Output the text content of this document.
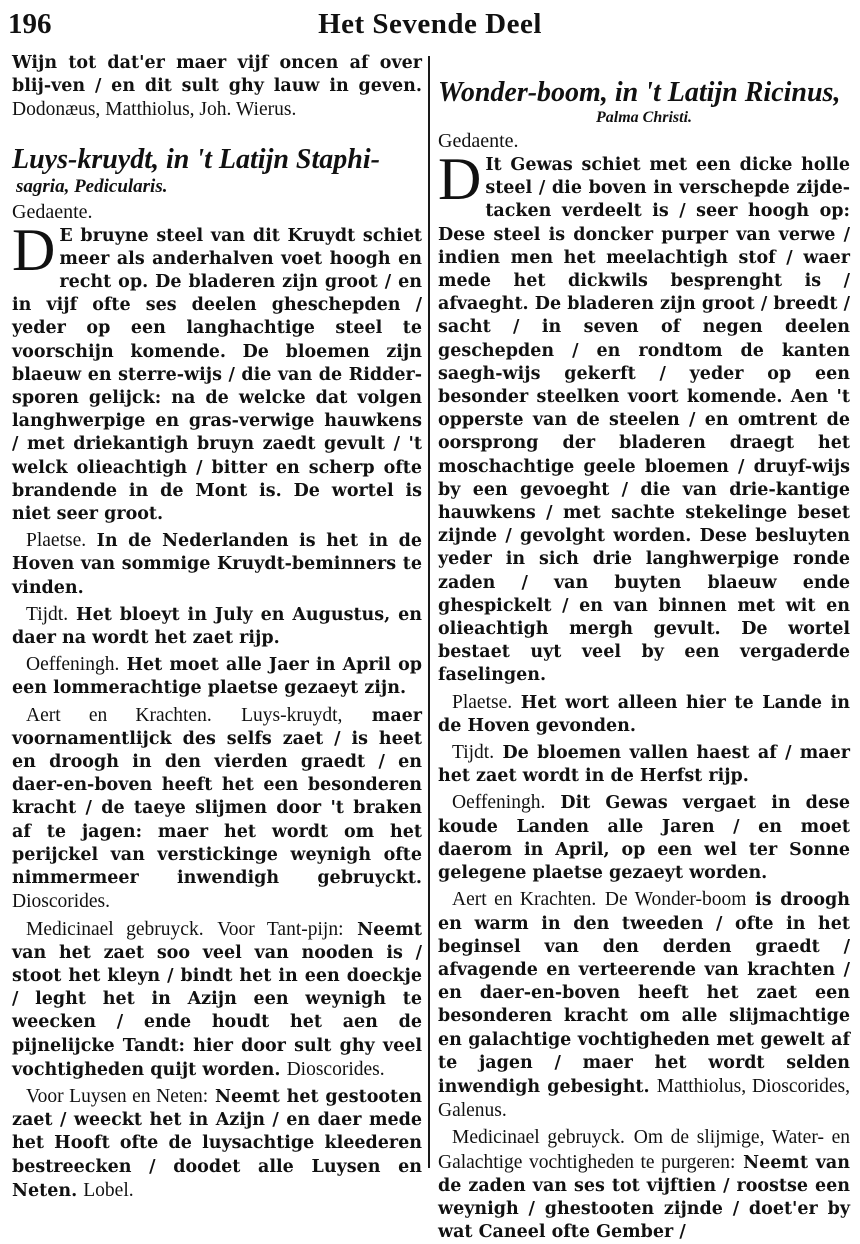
196	Het Sevende Deel

Wijn tot dat'er maer vijf oncen af over blij-ven / en dit sult ghy lauw in geven. Dodonæus, Matthiolus, Joh. Wierus.

Luys-kruydt, in 't Latijn Staphi-

sagria, Pedicularis.

Gedaente.

D E bruyne steel van dit Kruydt schiet meer als anderhalven voet hoogh en recht op. De bladeren zijn groot / en in vijf ofte ses deelen gheschepden / yeder op een langhachtige steel te voorschijn komende. De bloemen zijn blaeuw en sterre-wijs / die van de Ridder-sporen gelijck: na de welcke dat volgen langhwerpige en gras-verwige hauwkens / met driekantigh bruyn zaedt gevult / 't welck olieachtigh / bitter en scherp ofte brandende in de Mont is. De wortel is niet seer groot.

Plaetse. In de Nederlanden is het in de Hoven van sommige Kruydt-beminners te vinden.

Tijdt. Het bloeyt in July en Augustus, en daer na wordt het zaet rijp.

Oeffeningh. Het moet alle Jaer in April op een lommerachtige plaetse gezaeyt zijn.

Aert en Krachten. Luys-kruydt, maer voornamentlijck des selfs zaet / is heet en droogh in den vierden graedt / en daer-en-boven heeft het een besonderen kracht / de taeye slijmen door 't braken af te jagen: maer het wordt om het perijckel van verstickinge weynigh ofte nimmermeer inwendigh gebruyckt. Dioscorides.

Medicinael gebruyck. Voor Tant-pijn: Neemt van het zaet soo veel van nooden is / stoot het kleyn / bindt het in een doeckje / leght het in Azijn een weynigh te weecken / ende houdt het aen de pijnelijcke Tandt: hier door sult ghy veel vochtigheden quijt worden. Dioscorides.

Voor Luysen en Neten: Neemt het gestooten zaet / weeckt het in Azijn / en daer mede het Hooft ofte de luysachtige kleederen bestreecken / doodet alle Luysen en Neten. Lobel.

Wonder-boom, in 't Latijn Ricinus,

Palma Christi.

Gedaente.

D It Gewas schiet met een dicke holle steel / die boven in verschepde zijde-tacken verdeelt is / seer hoogh op: Dese steel is doncker purper van verwe / indien men het meelachtigh stof / waer mede het dickwils besprenght is / afvaeght. De bladeren zijn groot / breedt / sacht / in seven of negen deelen geschepden / en rondtom de kanten saegh-wijs gekerft / yeder op een besonder steelken voort komende. Aen 't opperste van de steelen / en omtrent de oorsprong der bladeren draegt het moschachtige geele bloemen / druyf-wijs by een gevoeght / die van drie-kantige hauwkens / met sachte stekelinge beset zijnde / gevolght worden. Dese besluyten yeder in sich drie langhwerpige ronde zaden / van buyten blaeuw ende ghespickelt / en van binnen met wit en olieachtigh mergh gevult. De wortel bestaet uyt veel by een vergaderde faselingen.

Plaetse. Het wort alleen hier te Lande in de Hoven gevonden.

Tijdt. De bloemen vallen haest af / maer het zaet wordt in de Herfst rijp.

Oeffeningh. Dit Gewas vergaet in dese koude Landen alle Jaren / en moet daerom in April, op een wel ter Sonne gelegene plaetse gezaeyt worden.

Aert en Krachten. De Wonder-boom is droogh en warm in den tweeden / ofte in het beginsel van den derden graedt / afvagende en verteerende van krachten / en daer-en-boven heeft het zaet een besonderen kracht om alle slijmachtige en galachtige vochtigheden met gewelt af te jagen / maer het wordt selden inwendigh gebesight. Matthiolus, Dioscorides, Galenus.

Medicinael gebruyck. Om de slijmige, Water- en Galachtige vochtigheden te purgeren: Neemt van de zaden van ses tot vijftien / roostse een weynigh / ghestooten zijnde / doet'er by wat Caneel ofte Gember /
